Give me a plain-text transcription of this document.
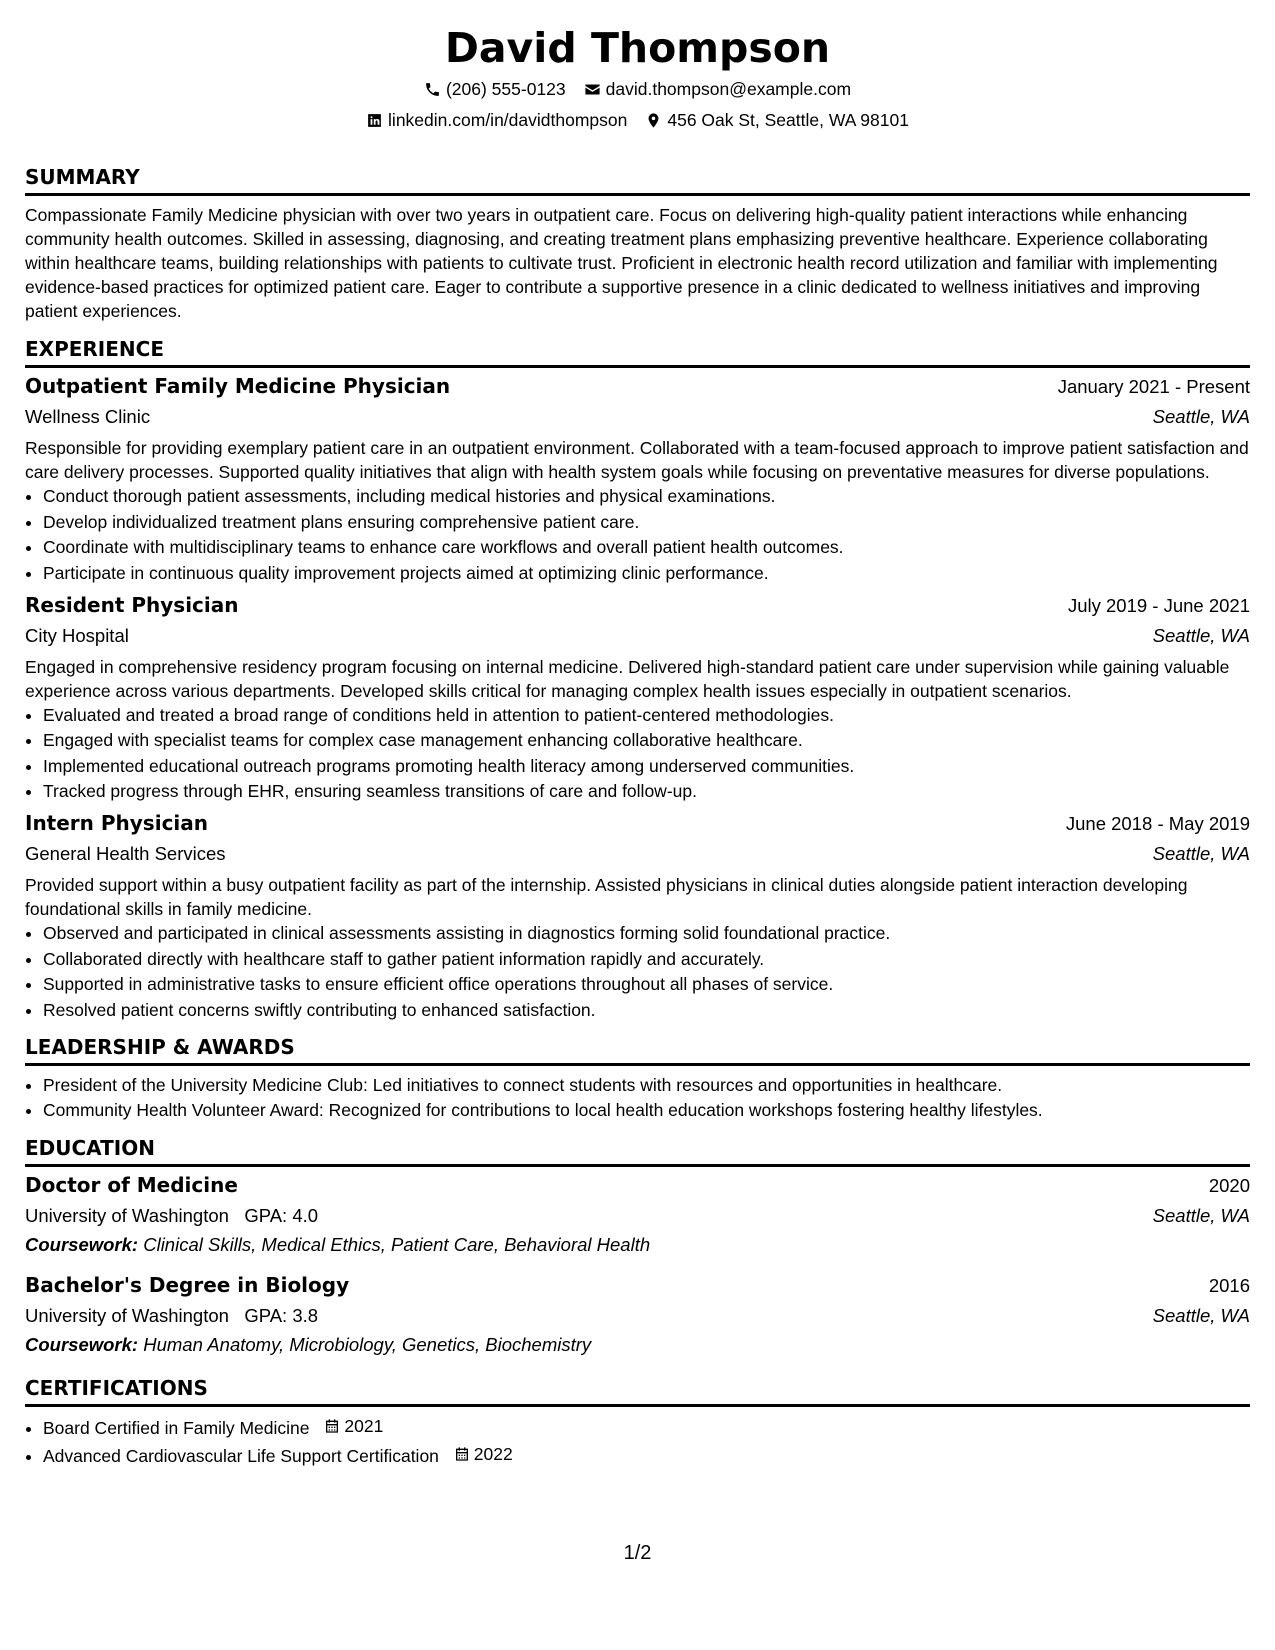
David Thompson
(206) 555-0123 david.thompson@example.com
linkedin.com/in/davidthompson 456 Oak St, Seattle, WA 98101
SUMMARY

Compassionate Family Medicine physician with over two years in outpatient care. Focus on delivering high-quality patient interactions while enhancing community health outcomes. Skilled in assessing, diagnosing, and creating treatment plans emphasizing preventive healthcare. Experience collaborating within healthcare teams, building relationships with patients to cultivate trust. Proficient in electronic health record utilization and familiar with implementing evidence-based practices for optimized patient care. Eager to contribute a supportive presence in a clinic dedicated to wellness initiatives and improving patient experiences.

EXPERIENCE
Outpatient Family Medicine Physician	January 2021 - Present
Wellness Clinic	Seattle, WA

Responsible for providing exemplary patient care in an outpatient environment. Collaborated with a team-focused approach to improve patient satisfaction and care delivery processes. Supported quality initiatives that align with health system goals while focusing on preventative measures for diverse populations.

• Conduct thorough patient assessments, including medical histories and physical examinations.
• Develop individualized treatment plans ensuring comprehensive patient care.
• Coordinate with multidisciplinary teams to enhance care workflows and overall patient health outcomes.
• Participate in continuous quality improvement projects aimed at optimizing clinic performance.
Resident Physician	July 2019 - June 2021
City Hospital	Seattle, WA

Engaged in comprehensive residency program focusing on internal medicine. Delivered high-standard patient care under supervision while gaining valuable experience across various departments. Developed skills critical for managing complex health issues especially in outpatient scenarios.

• Evaluated and treated a broad range of conditions held in attention to patient-centered methodologies.
• Engaged with specialist teams for complex case management enhancing collaborative healthcare.
• Implemented educational outreach programs promoting health literacy among underserved communities.
• Tracked progress through EHR, ensuring seamless transitions of care and follow-up.
Intern Physician	June 2018 - May 2019
General Health Services	Seattle, WA

Provided support within a busy outpatient facility as part of the internship. Assisted physicians in clinical duties alongside patient interaction developing foundational skills in family medicine.

• Observed and participated in clinical assessments assisting in diagnostics forming solid foundational practice.
• Collaborated directly with healthcare staff to gather patient information rapidly and accurately.
• Supported in administrative tasks to ensure efficient office operations throughout all phases of service.
• Resolved patient concerns swiftly contributing to enhanced satisfaction.
LEADERSHIP & AWARDS
• President of the University Medicine Club: Led initiatives to connect students with resources and opportunities in healthcare.
• Community Health Volunteer Award: Recognized for contributions to local health education workshops fostering healthy lifestyles.
EDUCATION
Doctor of Medicine	2020
University of Washington GPA: 4.0	Seattle, WA
Coursework: Clinical Skills, Medical Ethics, Patient Care, Behavioral Health
Bachelor's Degree in Biology	2016
University of Washington GPA: 3.8	Seattle, WA
Coursework: Human Anatomy, Microbiology, Genetics, Biochemistry
CERTIFICATIONS
• Board Certified in Family Medicine 2021
• Advanced Cardiovascular Life Support Certification 2022
1/2
